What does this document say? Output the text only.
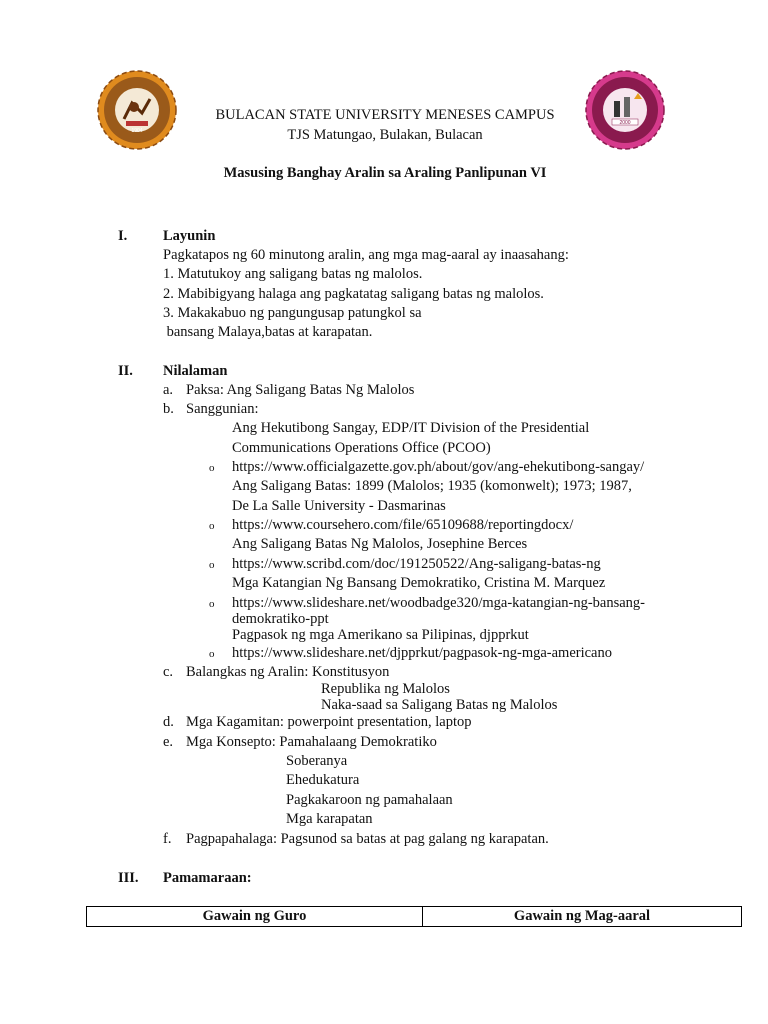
1904
2000
BULACAN STATE UNIVERSITY MENESES CAMPUS
TJS Matungao, Bulakan, Bulacan
Masusing Banghay Aralin sa Araling Panlipunan VI
I. Layunin
Pagkatapos ng 60 minutong aralin, ang mga mag-aaral ay inaasahang:
1. Matutukoy ang saligang batas ng malolos.
2. Mabibigyang halaga ang pagkatatag saligang batas ng malolos.
3. Makakabuo ng pangungusap patungkol sa
bansang Malaya,batas at karapatan.
II. Nilalaman
a. Paksa: Ang Saligang Batas Ng Malolos
b. Sanggunian:
Ang Hekutibong Sangay, EDP/IT Division of the Presidential
Communications Operations Office (PCOO)
o https://www.officialgazette.gov.ph/about/gov/ang-ehekutibong-sangay/
Ang Saligang Batas: 1899 (Malolos; 1935 (komonwelt); 1973; 1987,
De La Salle University - Dasmarinas
o https://www.coursehero.com/file/65109688/reportingdocx/
Ang Saligang Batas Ng Malolos, Josephine Berces
o https://www.scribd.com/doc/191250522/Ang-saligang-batas-ng
Mga Katangian Ng Bansang Demokratiko, Cristina M. Marquez
o https://www.slideshare.net/woodbadge320/mga-katangian-ng-bansang-
demokratiko-ppt
Pagpasok ng mga Amerikano sa Pilipinas, djpprkut
o https://www.slideshare.net/djpprkut/pagpasok-ng-mga-americano
c. Balangkas ng Aralin: Konstitusyon
Republika ng Malolos
Naka-saad sa Saligang Batas ng Malolos
d. Mga Kagamitan: powerpoint presentation, laptop
e. Mga Konsepto: Pamahalaang Demokratiko
Soberanya
Ehedukatura
Pagkakaroon ng pamahalaan
Mga karapatan
f. Pagpapahalaga: Pagsunod sa batas at pag galang ng karapatan.
III. Pamamaraan:
Gawain ng Guro	Gawain ng Mag-aaral
